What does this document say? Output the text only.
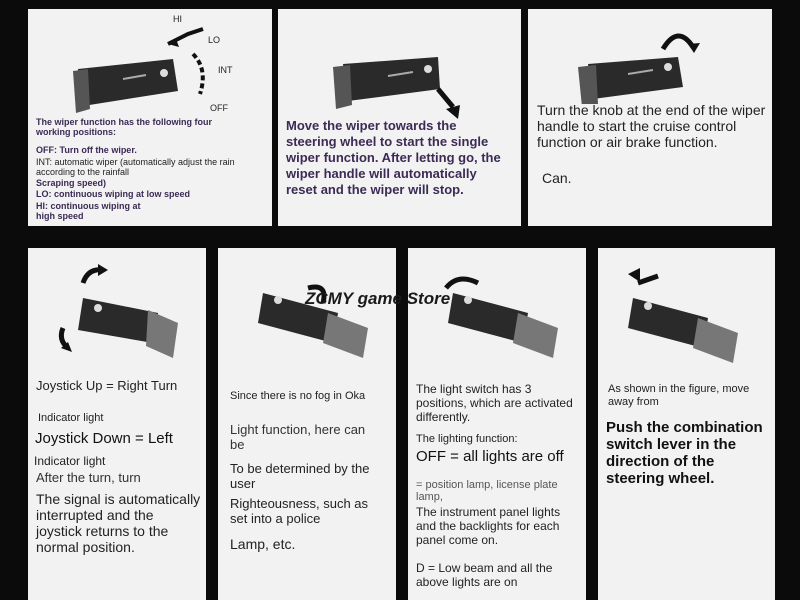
HI
LO
INT
OFF

The wiper function has the following four working positions:

OFF: Turn off the wiper.

INT: automatic wiper (automatically adjust the rain according to the rainfall

Scraping speed)

LO: continuous wiping at low speed

HI: continuous wiping at high speed

Move the wiper towards the steering wheel to start the single wiper function. After letting go, the wiper handle will automatically reset and the wiper will stop.

Turn the knob at the end of the wiper handle to start the cruise control function or air brake function.

Can.

Joystick Up = Right Turn

Indicator light

Joystick Down = Left

Indicator light

After the turn, turn

The signal is automatically interrupted and the joystick returns to the normal position.

Since there is no fog in Oka

Light function, here can be

To be determined by the user

Righteousness, such as set into a police

Lamp, etc.

The light switch has 3 positions, which are activated differently.

The lighting function:

OFF = all lights are off

= position lamp, license plate lamp,

The instrument panel lights and the backlights for each panel come on.

D = Low beam and all the above lights are on

As shown in the figure, move away from

Push the combination switch lever in the direction of the steering wheel.

ZCMY game Store
